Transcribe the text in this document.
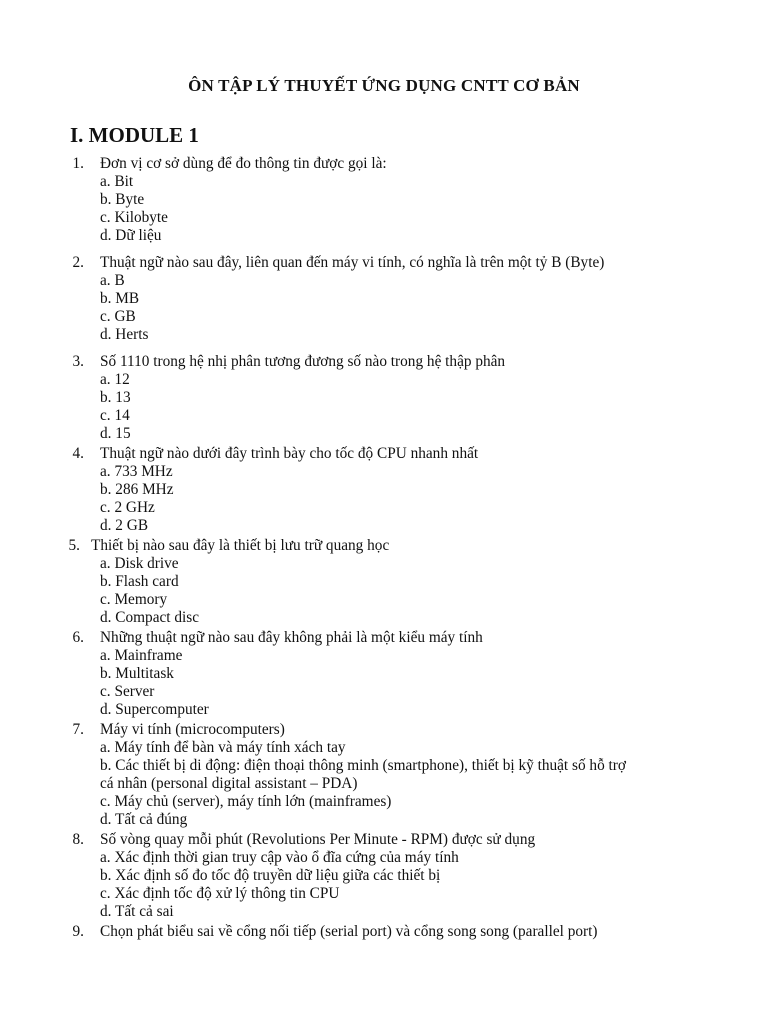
ÔN TẬP LÝ THUYẾT ỨNG DỤNG CNTT CƠ BẢN
I. MODULE 1
1. Đơn vị cơ sở dùng để đo thông tin được gọi là:
a. Bit
b. Byte
c. Kilobyte
d. Dữ liệu
2. Thuật ngữ nào sau đây, liên quan đến máy vi tính, có nghĩa là trên một tỷ B (Byte)
a. B
b. MB
c. GB
d. Herts
3. Số 1110 trong hệ nhị phân tương đương số nào trong hệ thập phân
a. 12
b. 13
c. 14
d. 15
4. Thuật ngữ nào dưới đây trình bày cho tốc độ CPU nhanh nhất
a. 733 MHz
b. 286 MHz
c. 2 GHz
d. 2 GB
5. Thiết bị nào sau đây là thiết bị lưu trữ quang học
a. Disk drive
b. Flash card
c. Memory
d. Compact disc
6. Những thuật ngữ nào sau đây không phải là một kiểu máy tính
a. Mainframe
b. Multitask
c. Server
d. Supercomputer
7. Máy vi tính (microcomputers)
a. Máy tính để bàn và máy tính xách tay
b. Các thiết bị di động: điện thoại thông minh (smartphone), thiết bị kỹ thuật số hỗ trợ
cá nhân (personal digital assistant – PDA)
c. Máy chủ (server), máy tính lớn (mainframes)
d. Tất cả đúng
8. Số vòng quay mỗi phút (Revolutions Per Minute - RPM) được sử dụng
a. Xác định thời gian truy cập vào ổ đĩa cứng của máy tính
b. Xác định số đo tốc độ truyền dữ liệu giữa các thiết bị
c. Xác định tốc độ xử lý thông tin CPU
d. Tất cả sai
9. Chọn phát biểu sai về cổng nối tiếp (serial port) và cổng song song (parallel port)
